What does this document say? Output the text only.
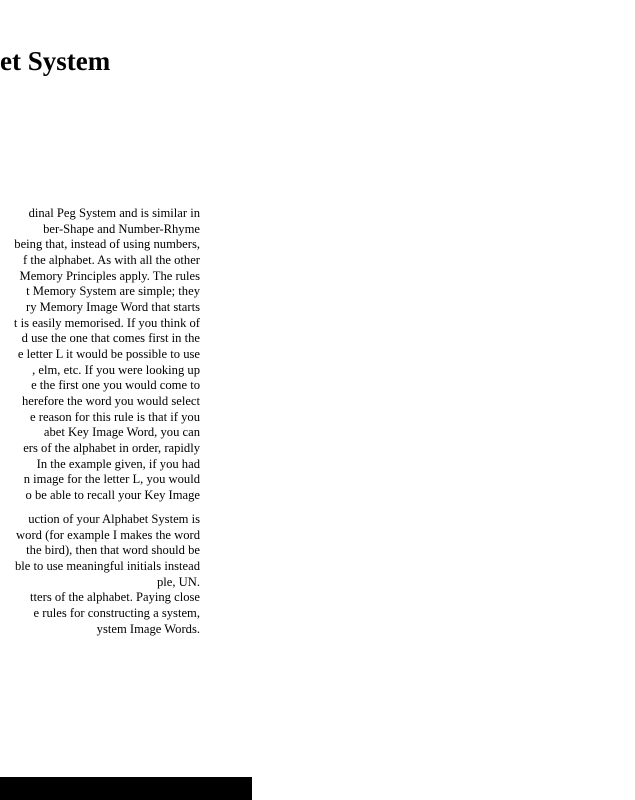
et System
dinal Peg System and is similar in
ber-Shape and Number-Rhyme
being that, instead of using numbers,
f the alphabet. As with all the other
Memory Principles apply. The rules
t Memory System are simple; they
ry Memory Image Word that starts
t is easily memorised. If you think of
d use the one that comes first in the
e letter L it would be possible to use
, elm, etc. If you were looking up
e the first one you would come to
herefore the word you would select
e reason for this rule is that if you
abet Key Image Word, you can
ers of the alphabet in order, rapidly
In the example given, if you had
n image for the letter L, you would
o be able to recall your Key Image
uction of your Alphabet System is
word (for example I makes the word
the bird), then that word should be
ble to use meaningful initials instead
ple, UN.
tters of the alphabet. Paying close
e rules for constructing a system,
ystem Image Words.
